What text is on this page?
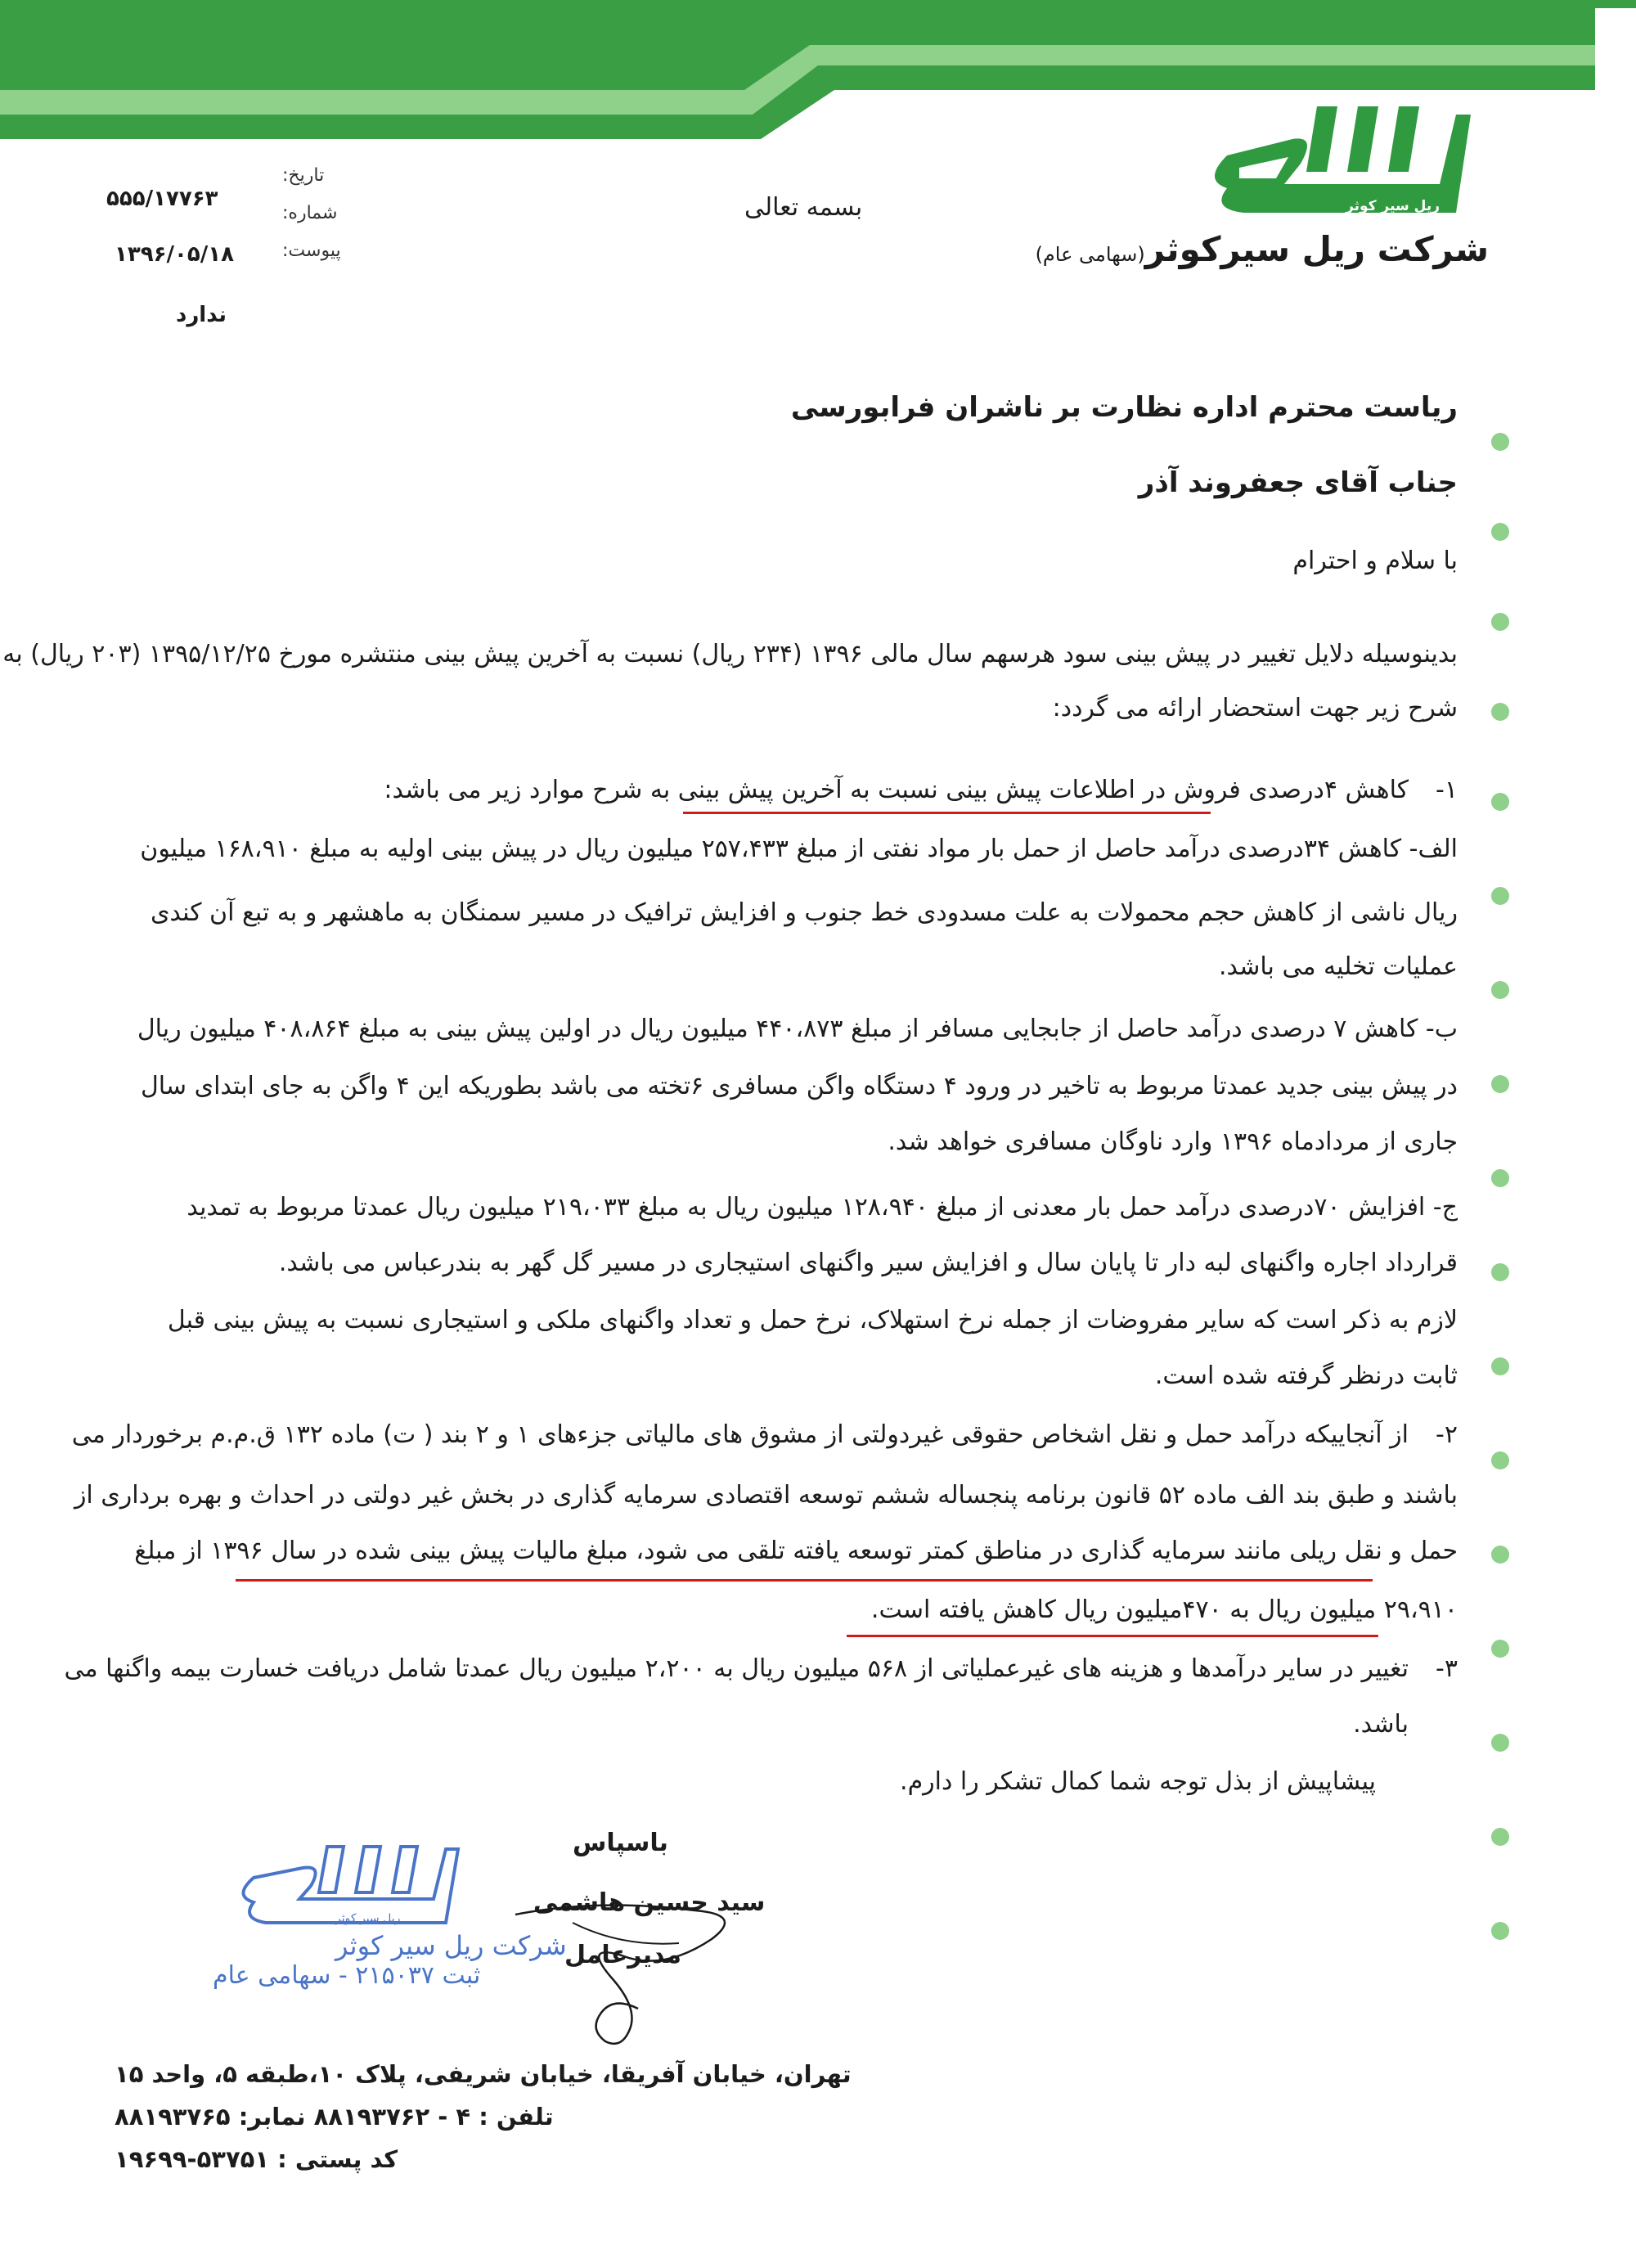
ریل سیر کوثر
شرکت ریل سیرکوثر(سهامی عام)
تاریخ:
شماره:
پیوست:
۵۵۵/۱۷۷۶۳
۱۳۹۶/۰۵/۱۸
ندارد
بسمه تعالی
ریاست محترم اداره نظارت بر ناشران فرابورسی
جناب آقای جعفروند آذر
با سلام و احترام
بدینوسیله دلایل تغییر در پیش بینی سود هرسهم سال مالی ۱۳۹۶ (۲۳۴ ریال) نسبت به آخرین پیش بینی منتشره مورخ ۱۳۹۵/۱۲/۲۵ (۲۰۳ ریال) به
شرح زیر جهت استحضار ارائه می گردد:
۱-
کاهش ۴درصدی فروش در اطلاعات پیش بینی نسبت به آخرین پیش بینی به شرح موارد زیر می باشد:
الف- کاهش ۳۴درصدی درآمد حاصل از حمل بار مواد نفتی از مبلغ ۲۵۷،۴۳۳ میلیون ریال در پیش بینی اولیه به مبلغ ۱۶۸،۹۱۰ میلیون
ریال ناشی از کاهش حجم محمولات به علت مسدودی خط جنوب و افزایش ترافیک در مسیر سمنگان به ماهشهر و به تبع آن کندی
عملیات تخلیه می باشد.
ب- کاهش ۷ درصدی درآمد حاصل از جابجایی مسافر از مبلغ ۴۴۰،۸۷۳ میلیون ریال در اولین پیش بینی به مبلغ ۴۰۸،۸۶۴ میلیون ریال
در پیش بینی جدید عمدتا مربوط به تاخیر در ورود ۴ دستگاه واگن مسافری ۶تخته می باشد بطوریکه این ۴ واگن به جای ابتدای سال
جاری از مردادماه ۱۳۹۶ وارد ناوگان مسافری خواهد شد.
ج- افزایش ۷۰درصدی درآمد حمل بار معدنی از مبلغ ۱۲۸،۹۴۰ میلیون ریال به مبلغ ۲۱۹،۰۳۳ میلیون ریال عمدتا مربوط به تمدید
قرارداد اجاره واگنهای لبه دار تا پایان سال و افزایش سیر واگنهای استیجاری در مسیر گل گهر به بندرعباس می باشد.
لازم به ذکر است که سایر مفروضات از جمله نرخ استهلاک، نرخ حمل و تعداد واگنهای ملکی و استیجاری نسبت به پیش بینی قبل
ثابت درنظر گرفته شده است.
۲-
از آنجاییکه درآمد حمل و نقل اشخاص حقوقی غیردولتی از مشوق های مالیاتی جزءهای ۱ و ۲ بند ( ت) ماده ۱۳۲ ق.م.م برخوردار می
باشند و طبق بند الف ماده ۵۲ قانون برنامه پنجساله ششم توسعه اقتصادی سرمایه گذاری در بخش غیر دولتی در احداث و بهره برداری از
حمل و نقل ریلی مانند سرمایه گذاری در مناطق کمتر توسعه یافته تلقی می شود، مبلغ مالیات پیش بینی شده در سال ۱۳۹۶ از مبلغ
۲۹،۹۱۰ میلیون ریال به ۴۷۰میلیون ریال کاهش یافته است.
۳-
تغییر در سایر درآمدها و هزینه های غیرعملیاتی از ۵۶۸ میلیون ریال به ۲،۲۰۰ میلیون ریال عمدتا شامل دریافت خسارت بیمه واگنها می
باشد.
پیشاپیش از بذل توجه شما کمال تشکر را دارم.
باسپاس
سید حسین هاشمی
مدیرعامل
ریل سیر کوثر
شرکت ریل سیر کوثر
ثبت ۲۱۵۰۳۷ - سهامی عام
تهران، خیابان آفریقا، خیابان شریفی، پلاک ۱۰،طبقه ۵، واحد ۱۵
تلفن : ۴ - ۸۸۱۹۳۷۶۲ نمابر: ۸۸۱۹۳۷۶۵
کد پستی : ۵۳۷۵۱-۱۹۶۹۹
